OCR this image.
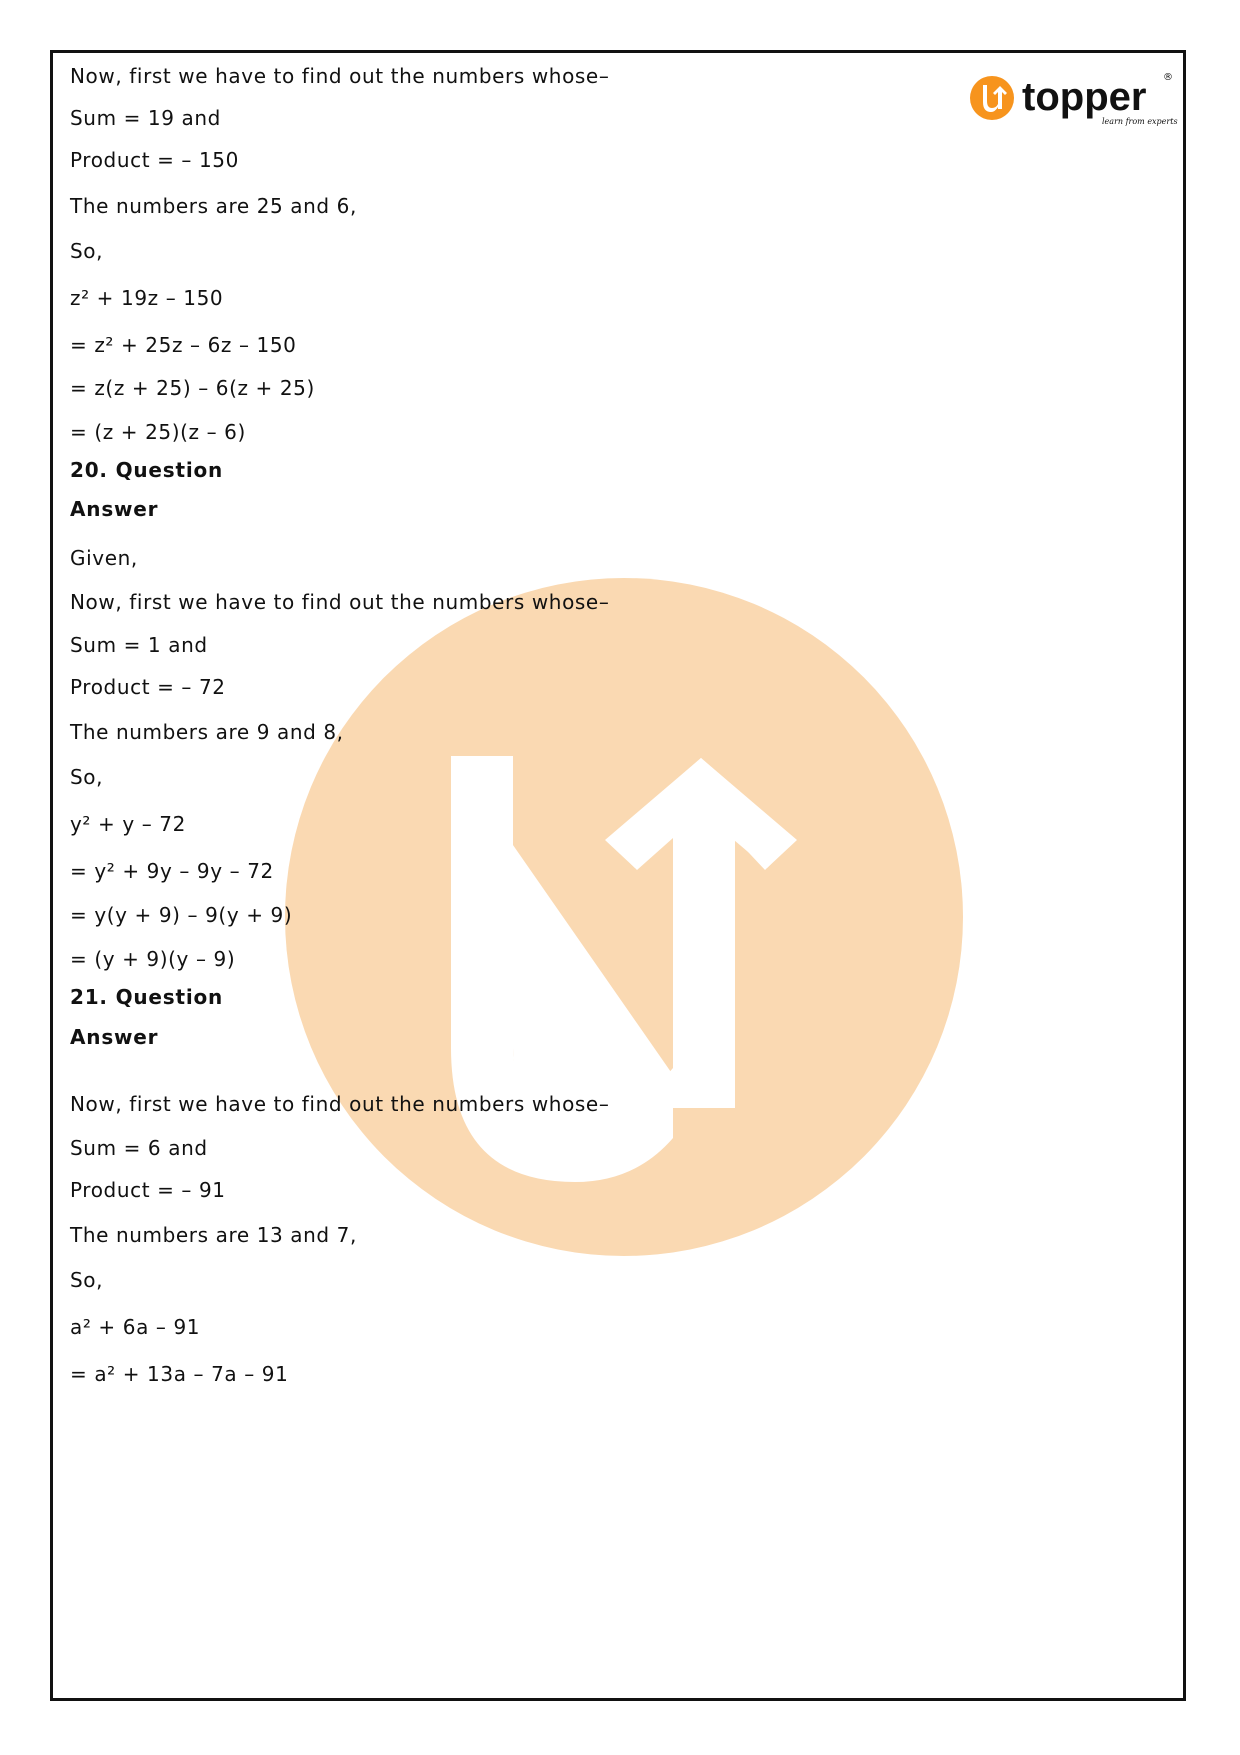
topper ®
learn from experts
Now, first we have to find out the numbers whose–
Sum = 19 and
Product = – 150
The numbers are 25 and 6,
So,
z² + 19z – 150
= z² + 25z – 6z – 150
= z(z + 25) – 6(z + 25)
= (z + 25)(z – 6)
20. Question
Answer
Given,
Now, first we have to find out the numbers whose–
Sum = 1 and
Product = – 72
The numbers are 9 and 8,
So,
y² + y – 72
= y² + 9y – 9y – 72
= y(y + 9) – 9(y + 9)
= (y + 9)(y – 9)
21. Question
Answer
Now, first we have to find out the numbers whose–
Sum = 6 and
Product = – 91
The numbers are 13 and 7,
So,
a² + 6a – 91
= a² + 13a – 7a – 91
